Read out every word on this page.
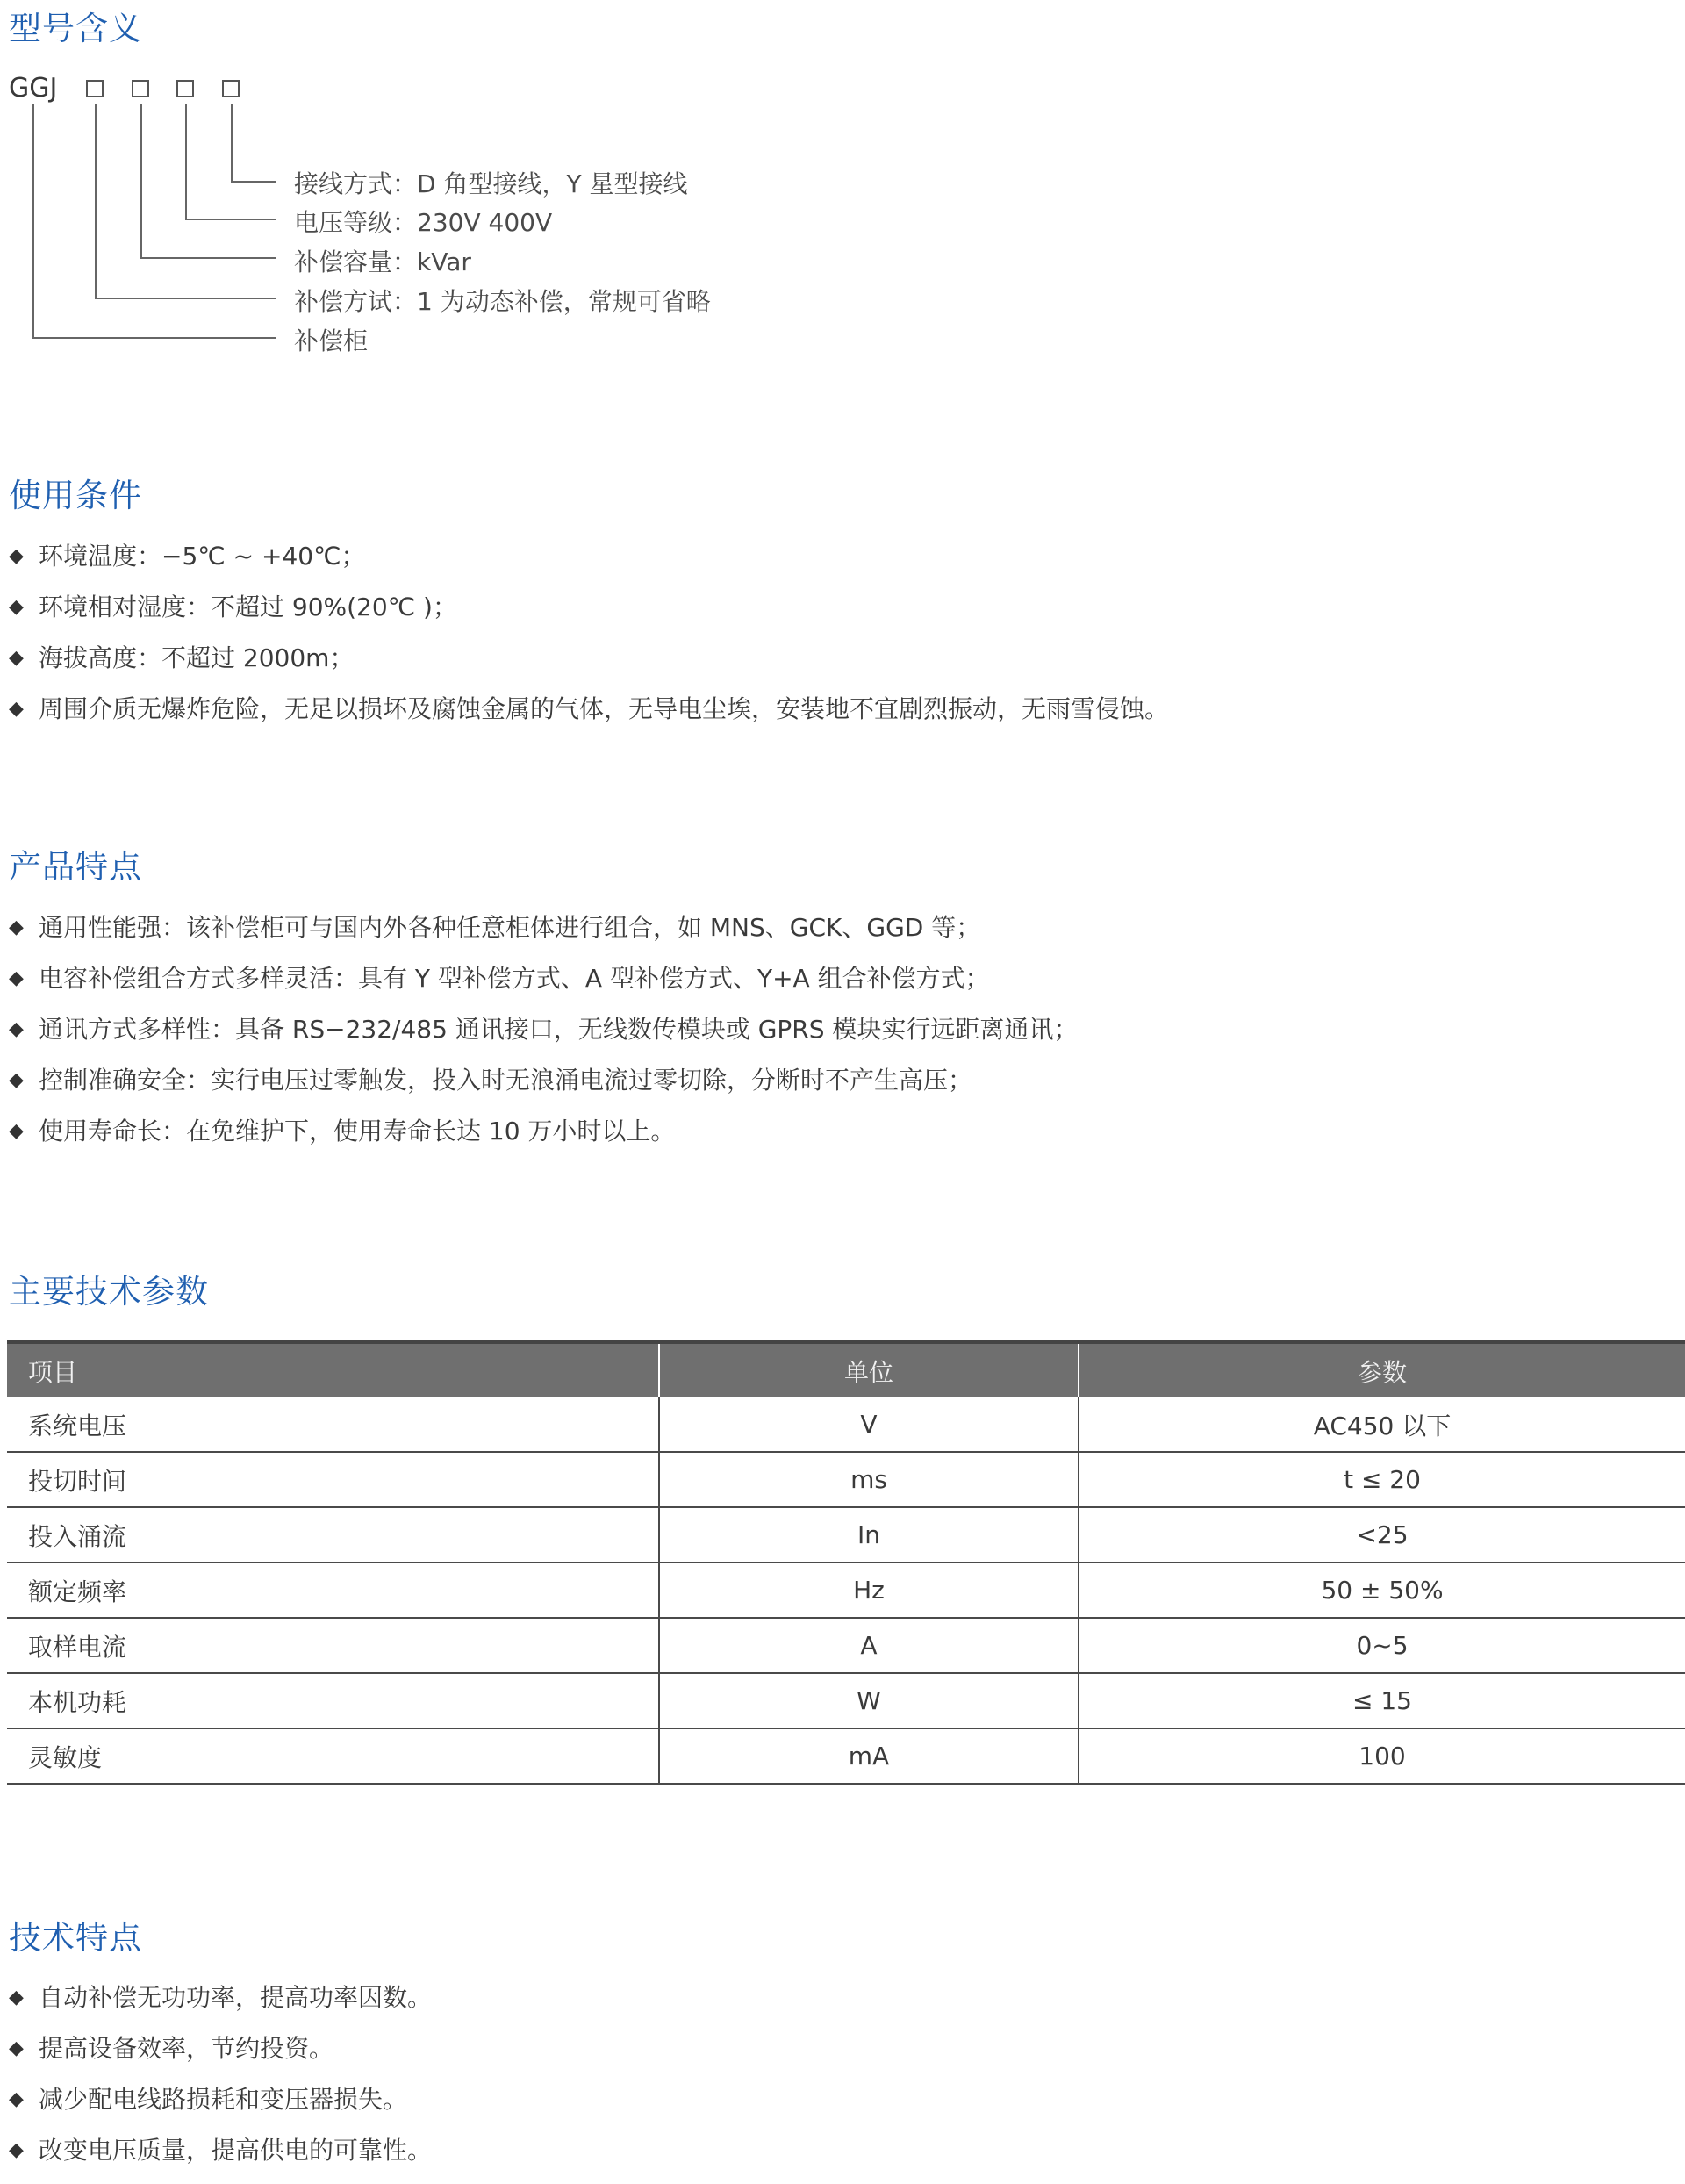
型号含义
GGJ
接线方式：D 角型接线，Y 星型接线
电压等级：230V 400V
补偿容量：kVar
补偿方试：1 为动态补偿，常规可省略
补偿柜
使用条件
◆ 环境温度：−5℃ ~ +40℃；
◆ 环境相对湿度：不超过 90%(20℃ )；
◆ 海拔高度：不超过 2000m；
◆ 周围介质无爆炸危险，无足以损坏及腐蚀金属的气体，无导电尘埃，安装地不宜剧烈振动，无雨雪侵蚀。
产品特点
◆ 通用性能强：该补偿柜可与国内外各种任意柜体进行组合，如 MNS、GCK、GGD 等；
◆ 电容补偿组合方式多样灵活：具有 Y 型补偿方式、A 型补偿方式、Y+A 组合补偿方式；
◆ 通讯方式多样性：具备 RS−232/485 通讯接口，无线数传模块或 GPRS 模块实行远距离通讯；
◆ 控制准确安全：实行电压过零触发，投入时无浪涌电流过零切除，分断时不产生高压；
◆ 使用寿命长：在免维护下，使用寿命长达 10 万小时以上。
主要技术参数
项目	单位	参数
系统电压	V	AC450 以下
投切时间	ms	t ≤ 20
投入涌流	In	<25
额定频率	Hz	50 ± 50%
取样电流	A	0~5
本机功耗	W	≤ 15
灵敏度	mA	100
技术特点
◆ 自动补偿无功功率，提高功率因数。
◆ 提高设备效率，节约投资。
◆ 减少配电线路损耗和变压器损失。
◆ 改变电压质量，提高供电的可靠性。
